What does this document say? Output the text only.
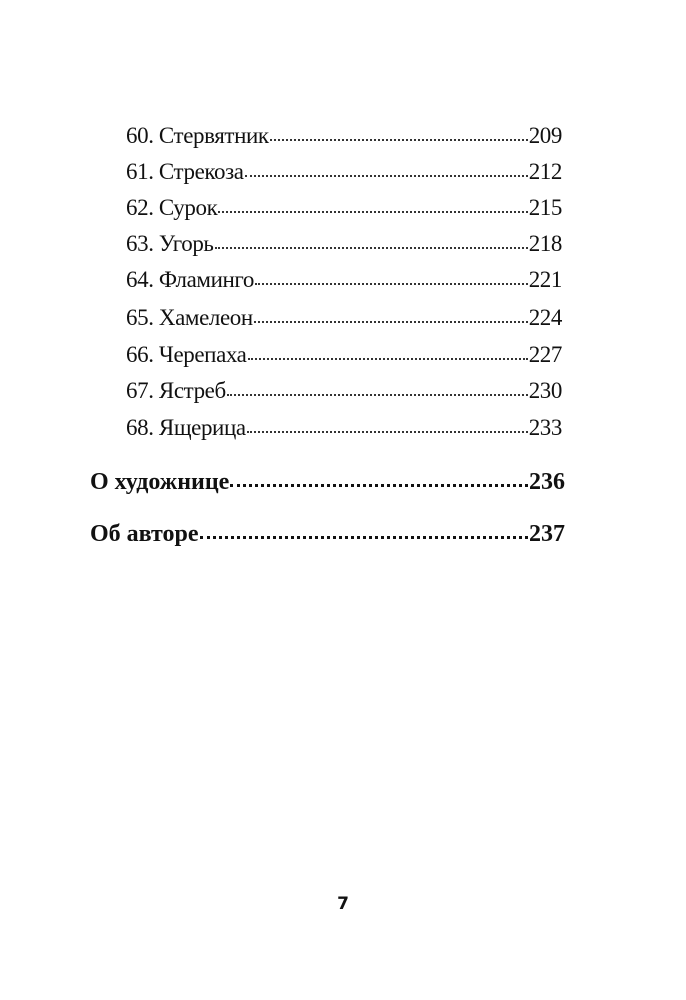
60. Стервятник	209
61. Стрекоза	212
62. Сурок	215
63. Угорь	218
64. Фламинго	221
65. Хамелеон	224
66. Черепаха	227
67. Ястреб	230
68. Ящерица	233
О художнице	236
Об авторе	237
7
